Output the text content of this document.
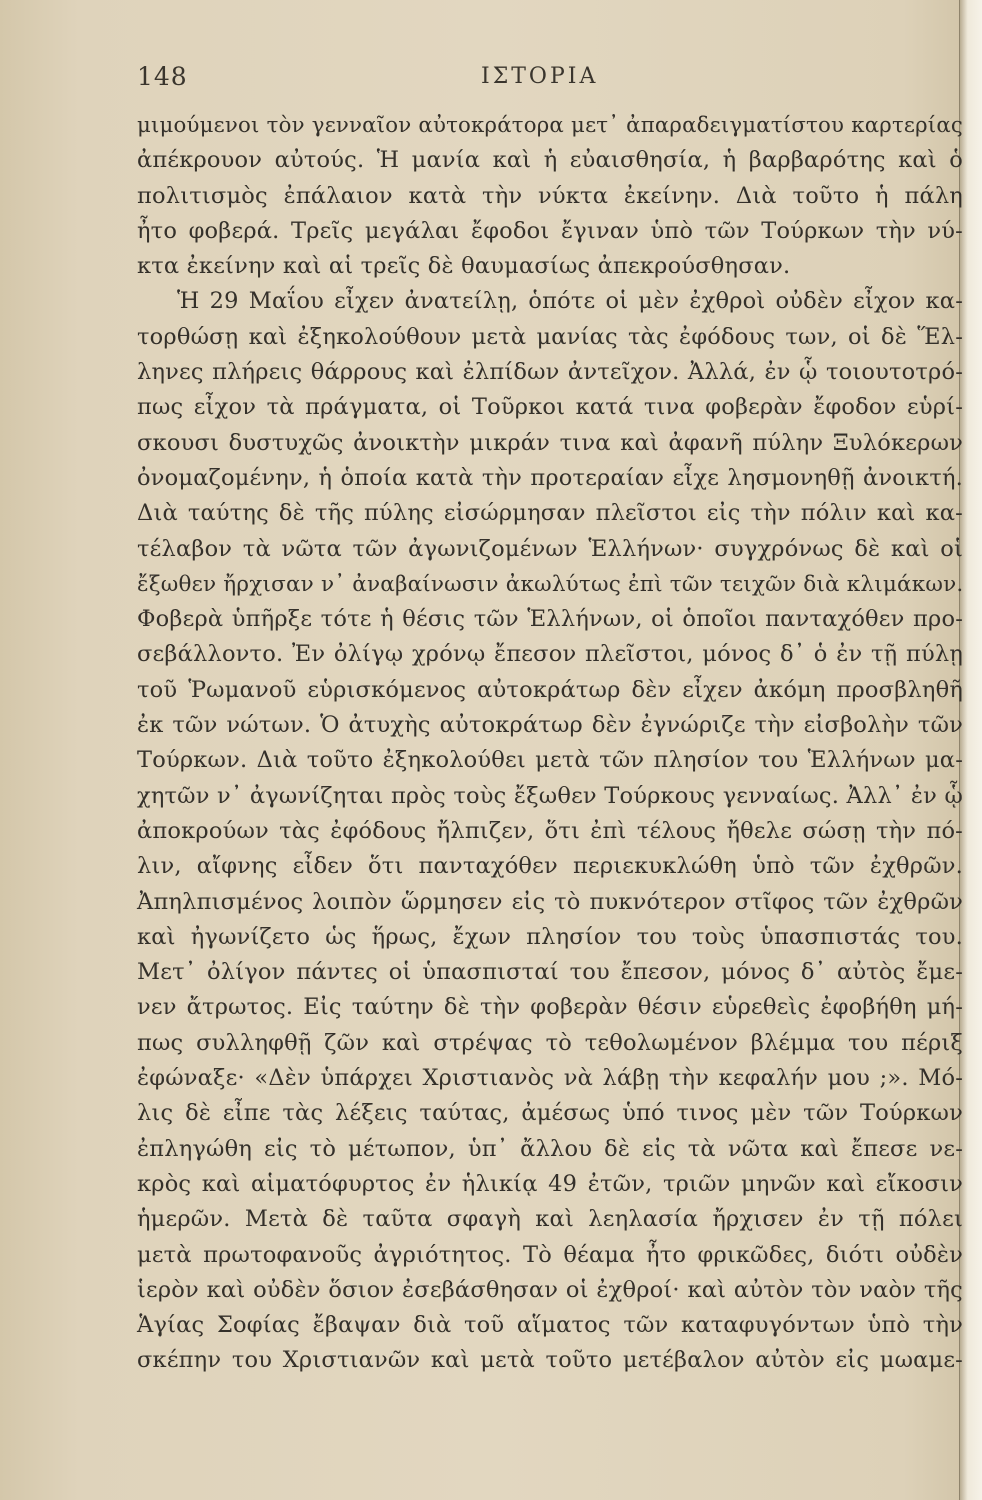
148	ΙΣΤΟΡΙΑ
μιμούμενοι τὸν γενναῖον αὐτοκράτορα μετ᾿ ἀπαραδειγματίστου καρτερίας
ἀπέκρουον αὐτούς. Ἡ μανία καὶ ἡ εὐαισθησία, ἡ βαρβαρότης καὶ ὁ
πολιτισμὸς ἐπάλαιον κατὰ τὴν νύκτα ἐκείνην. Διὰ τοῦτο ἡ πάλη
ἦτο φοβερά. Τρεῖς μεγάλαι ἔφοδοι ἔγιναν ὑπὸ τῶν Τούρκων τὴν νύ-
κτα ἐκείνην καὶ αἱ τρεῖς δὲ θαυμασίως ἀπεκρούσθησαν.
Ἡ 29 Μαΐου εἶχεν ἀνατείλῃ, ὁπότε οἱ μὲν ἐχθροὶ οὐδὲν εἶχον κα-
τορθώσῃ καὶ ἐξηκολούθουν μετὰ μανίας τὰς ἐφόδους των, οἱ δὲ Ἕλ-
ληνες πλήρεις θάρρους καὶ ἐλπίδων ἀντεῖχον. Ἀλλά, ἐν ᾧ τοιουτοτρό-
πως εἶχον τὰ πράγματα, οἱ Τοῦρκοι κατά τινα φοβερὰν ἔφοδον εὑρί-
σκουσι δυστυχῶς ἀνοικτὴν μικράν τινα καὶ ἀφανῆ πύλην Ξυλόκερων
ὀνομαζομένην, ἡ ὁποία κατὰ τὴν προτεραίαν εἶχε λησμονηθῇ ἀνοικτή.
Διὰ ταύτης δὲ τῆς πύλης εἰσώρμησαν πλεῖστοι εἰς τὴν πόλιν καὶ κα-
τέλαβον τὰ νῶτα τῶν ἀγωνιζομένων Ἑλλήνων· συγχρόνως δὲ καὶ οἱ
ἔξωθεν ἤρχισαν ν᾿ ἀναβαίνωσιν ἀκωλύτως ἐπὶ τῶν τειχῶν διὰ κλιμάκων.
Φοβερὰ ὑπῆρξε τότε ἡ θέσις τῶν Ἑλλήνων, οἱ ὁποῖοι πανταχόθεν προ-
σεβάλλοντο. Ἐν ὀλίγῳ χρόνῳ ἔπεσον πλεῖστοι, μόνος δ᾿ ὁ ἐν τῇ πύλῃ
τοῦ Ῥωμανοῦ εὑρισκόμενος αὐτοκράτωρ δὲν εἶχεν ἀκόμη προσβληθῆ
ἐκ τῶν νώτων. Ὁ ἀτυχὴς αὐτοκράτωρ δὲν ἐγνώριζε τὴν εἰσβολὴν τῶν
Τούρκων. Διὰ τοῦτο ἐξηκολούθει μετὰ τῶν πλησίον του Ἑλλήνων μα-
χητῶν ν᾿ ἀγωνίζηται πρὸς τοὺς ἔξωθεν Τούρκους γενναίως. Ἀλλ᾿ ἐν ᾧ
ἀποκρούων τὰς ἐφόδους ἤλπιζεν, ὅτι ἐπὶ τέλους ἤθελε σώσῃ τὴν πό-
λιν, αἴφνης εἶδεν ὅτι πανταχόθεν περιεκυκλώθη ὑπὸ τῶν ἐχθρῶν.
Ἀπηλπισμένος λοιπὸν ὥρμησεν εἰς τὸ πυκνότερον στῖφος τῶν ἐχθρῶν
καὶ ἠγωνίζετο ὡς ἥρως, ἔχων πλησίον του τοὺς ὑπασπιστάς του.
Μετ᾿ ὀλίγον πάντες οἱ ὑπασπισταί του ἔπεσον, μόνος δ᾿ αὐτὸς ἔμε-
νεν ἄτρωτος. Εἰς ταύτην δὲ τὴν φοβερὰν θέσιν εὑρεθεὶς ἐφοβήθη μή-
πως συλληφθῇ ζῶν καὶ στρέψας τὸ τεθολωμένον βλέμμα του πέριξ
ἐφώναξε· «Δὲν ὑπάρχει Χριστιανὸς νὰ λάβῃ τὴν κεφαλήν μου ;». Μό-
λις δὲ εἶπε τὰς λέξεις ταύτας, ἀμέσως ὑπό τινος μὲν τῶν Τούρκων
ἐπληγώθη εἰς τὸ μέτωπον, ὑπ᾿ ἄλλου δὲ εἰς τὰ νῶτα καὶ ἔπεσε νε-
κρὸς καὶ αἱματόφυρτος ἐν ἡλικίᾳ 49 ἐτῶν, τριῶν μηνῶν καὶ εἴκοσιν
ἡμερῶν. Μετὰ δὲ ταῦτα σφαγὴ καὶ λεηλασία ἤρχισεν ἐν τῇ πόλει
μετὰ πρωτοφανοῦς ἀγριότητος. Τὸ θέαμα ἦτο φρικῶδες, διότι οὐδὲν
ἱερὸν καὶ οὐδὲν ὅσιον ἐσεβάσθησαν οἱ ἐχθροί· καὶ αὐτὸν τὸν ναὸν τῆς
Ἁγίας Σοφίας ἔβαψαν διὰ τοῦ αἵματος τῶν καταφυγόντων ὑπὸ τὴν
σκέπην του Χριστιανῶν καὶ μετὰ τοῦτο μετέβαλον αὐτὸν εἰς μωαμε-
